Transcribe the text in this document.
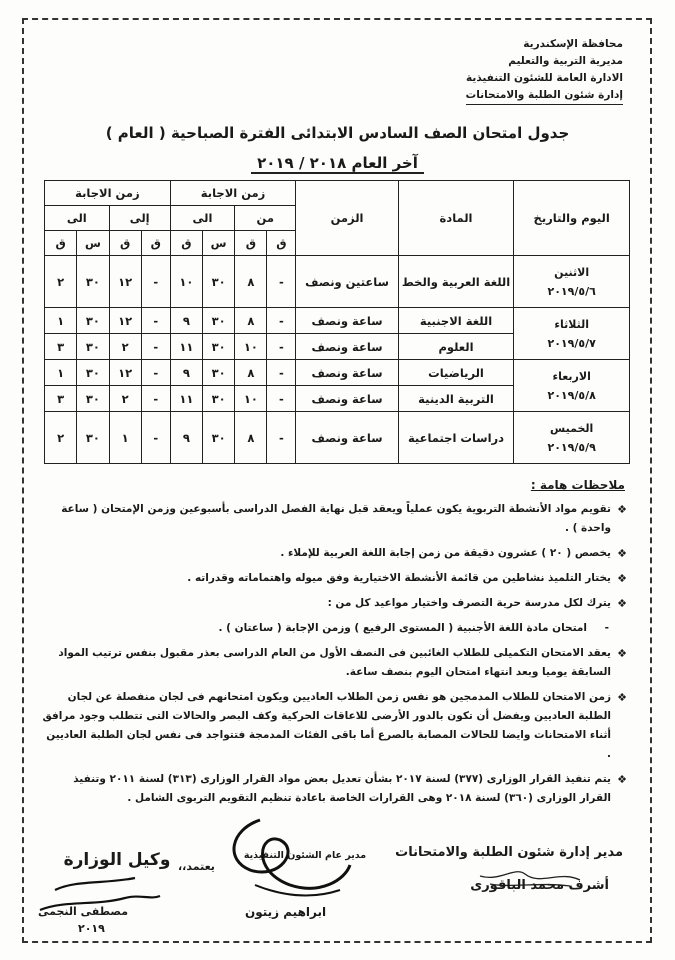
محافظة الإسكندرية
مديرية التربية والتعليم
الادارة العامة للشئون التنفيذية
إدارة شئون الطلبة والامتحانات
جدول امتحان الصف السادس الابتدائى الفترة الصباحية ( العام )
آخر العام ٢٠١٨ / ٢٠١٩
اليوم والتاريخ	المادة	الزمن	زمن الاجابة				زمن الاجابة			
			من		الى		إلى		الى	
			ق	ق	س	ق	ق	ق	س	ق

الاثنين
٢٠١٩/٥/٦	اللغة العربية والخط	ساعتين ونصف	-	٨	٣٠	١٠	-	١٢	٣٠	٢

الثلاثاء
٢٠١٩/٥/٧	اللغة الاجنبية	ساعة ونصف	-	٨	٣٠	٩	-	١٢	٣٠	١
	العلوم	ساعة ونصف	-	١٠	٣٠	١١	-	٢	٣٠	٣

الاربعاء
٢٠١٩/٥/٨	الرياضيات	ساعة ونصف	-	٨	٣٠	٩	-	١٢	٣٠	١
	التربية الدينية	ساعة ونصف	-	١٠	٣٠	١١	-	٢	٣٠	٣

الخميس
٢٠١٩/٥/٩	دراسات اجتماعية	ساعة ونصف	-	٨	٣٠	٩	-	١	٣٠	٢
ملاحظات هامة :
❖
تقويم مواد الأنشطة التربوية يكون عملياً ويعقد قبل نهاية الفصل الدراسى بأسبوعين وزمن الإمتحان ( ساعة واحدة ) .
❖
يخصص ( ٢٠ ) عشرون دقيقة من زمن إجابة اللغة العربية للإملاء .
❖
يختار التلميذ نشاطين من قائمة الأنشطة الاختيارية وفق ميوله واهتماماته وقدراته .
❖
يترك لكل مدرسة حرية التصرف واختيار مواعيد كل من :
-
امتحان مادة اللغة الأجنبية ( المستوى الرفيع ) وزمن الإجابة ( ساعتان ) .
❖
يعقد الامتحان التكميلى للطلاب الغائبين فى النصف الأول من العام الدراسى بعذر مقبول بنفس ترتيب المواد السابقة يوميا وبعد انتهاء امتحان اليوم بنصف ساعة.
❖
زمن الامتحان للطلاب المدمجين هو نفس زمن الطلاب العاديين ويكون امتحانهم فى لجان منفصلة عن لجان الطلبة العاديين ويفضل أن تكون بالدور الأرضى للاعاقات الحركية وكف البصر والحالات التى تتطلب وجود مرافق أثناء الامتحانات وايضا للحالات المصابة بالصرع أما باقى الفئات المدمجة فتتواجد فى نفس لجان الطلبة العاديين .
❖
يتم تنفيذ القرار الوزارى (٣٧٧) لسنة ٢٠١٧ بشأن تعديل بعض مواد القرار الوزارى (٣١٣) لسنة ٢٠١١ وتنفيذ القرار الوزارى (٣٦٠) لسنة ٢٠١٨ وهى القرارات الخاصة باعادة تنظيم التقويم التربوى الشامل .
مدير إدارة شئون الطلبة والامتحانات
أشرف محمد الباقورى
مدير عام الشئون التنفيذية
ابراهيم زيتون
يعتمد،،
وكيل الوزارة
مصطفى النجمى
٢٠١٩
